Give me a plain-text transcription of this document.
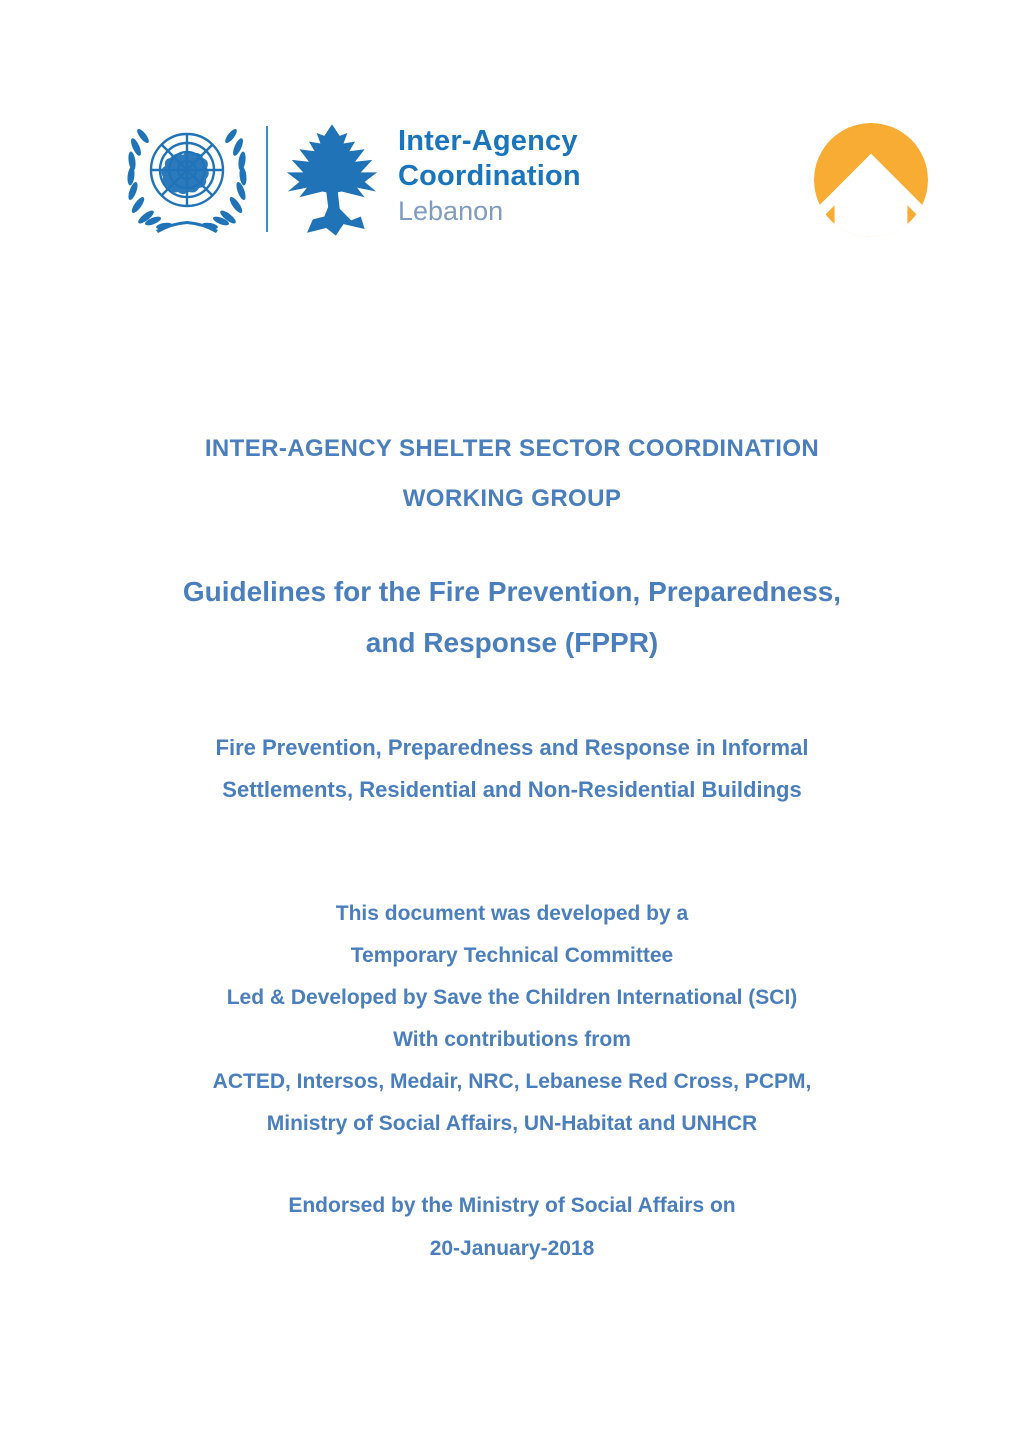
Inter-Agency
Coordination
Lebanon
INTER-AGENCY SHELTER SECTOR COORDINATION
WORKING GROUP
Guidelines for the Fire Prevention, Preparedness,
and Response (FPPR)
Fire Prevention, Preparedness and Response in Informal
Settlements, Residential and Non-Residential Buildings
This document was developed by a
Temporary Technical Committee
Led & Developed by Save the Children International (SCI)
With contributions from
ACTED, Intersos, Medair, NRC, Lebanese Red Cross, PCPM,
Ministry of Social Affairs, UN-Habitat and UNHCR
Endorsed by the Ministry of Social Affairs on
20-January-2018
